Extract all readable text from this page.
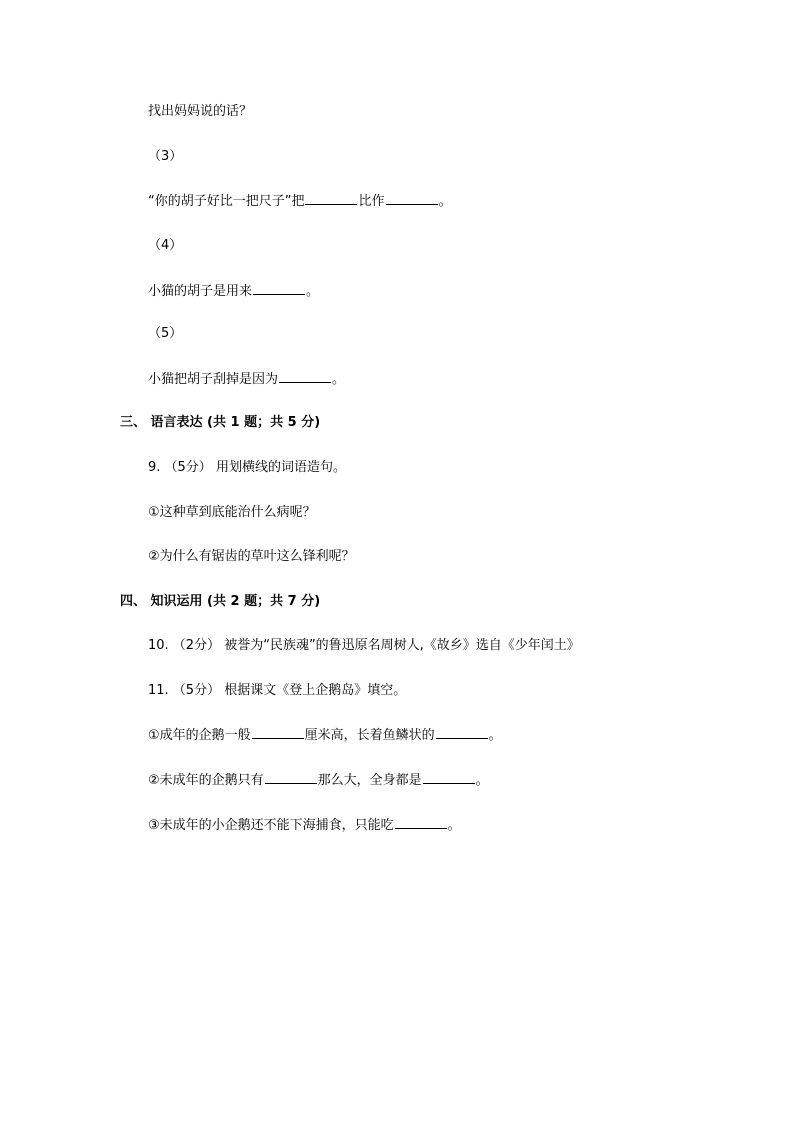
找出妈妈说的话？
（3）
“你的胡子好比一把尺子”把	比作	。
（4）
小猫的胡子是用来	。
（5）
小猫把胡子刮掉是因为	。
三、 语言表达 (共 1 题；共 5 分)
9. （5分） 用划横线的词语造句。
①这种草到底能治什么病呢？
②为什么有锯齿的草叶这么锋利呢？
四、 知识运用 (共 2 题；共 7 分)
10. （2分） 被誉为“民族魂”的鲁迅原名周树人,《故乡》选自《少年闰土》
11. （5分） 根据课文《登上企鹅岛》填空。
①成年的企鹅一般	厘米高，长着鱼鳞状的	。
②未成年的企鹅只有	那么大，全身都是	。
③未成年的小企鹅还不能下海捕食，只能吃	。
